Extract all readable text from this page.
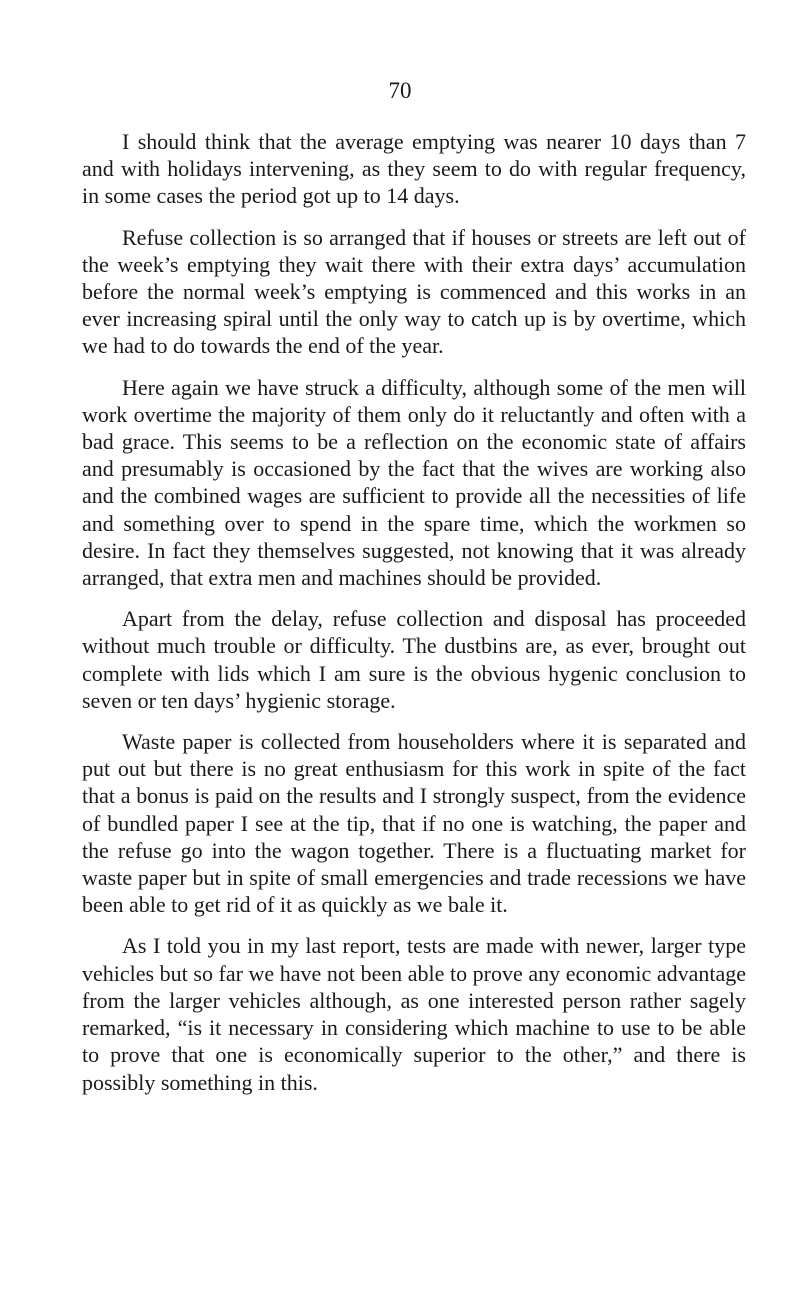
70

I should think that the average emptying was nearer 10 days than 7 and with holidays intervening, as they seem to do with regular frequency, in some cases the period got up to 14 days.

Refuse collection is so arranged that if houses or streets are left out of the week’s emptying they wait there with their extra days’ accumulation before the normal week’s emptying is commenced and this works in an ever increasing spiral until the only way to catch up is by overtime, which we had to do towards the end of the year.

Here again we have struck a difficulty, although some of the men will work overtime the majority of them only do it reluctantly and often with a bad grace. This seems to be a reflection on the economic state of affairs and presumably is occasioned by the fact that the wives are working also and the combined wages are sufficient to provide all the necessities of life and something over to spend in the spare time, which the workmen so desire. In fact they themselves suggested, not knowing that it was already arranged, that extra men and machines should be provided.

Apart from the delay, refuse collection and disposal has proceeded without much trouble or difficulty. The dustbins are, as ever, brought out complete with lids which I am sure is the obvious hygenic conclusion to seven or ten days’ hygienic storage.

Waste paper is collected from householders where it is separated and put out but there is no great enthusiasm for this work in spite of the fact that a bonus is paid on the results and I strongly suspect, from the evidence of bundled paper I see at the tip, that if no one is watching, the paper and the refuse go into the wagon together. There is a fluctuating market for waste paper but in spite of small emergencies and trade recessions we have been able to get rid of it as quickly as we bale it.

As I told you in my last report, tests are made with newer, larger type vehicles but so far we have not been able to prove any economic advantage from the larger vehicles although, as one interested person rather sagely remarked, “is it necessary in considering which machine to use to be able to prove that one is economically superior to the other,” and there is possibly something in this.
